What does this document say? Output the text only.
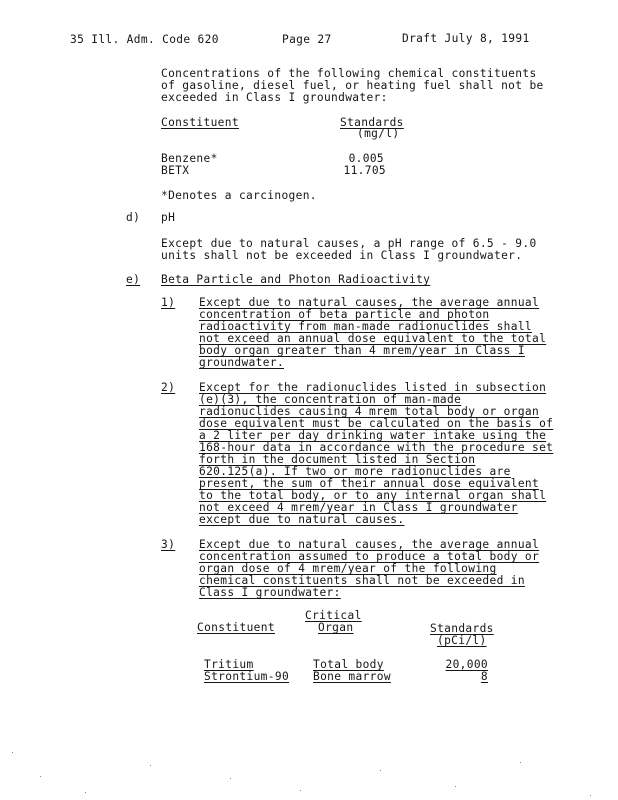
35 Ill. Adm. Code 620	Page 27	Draft July 8, 1991
Concentrations of the following chemical constituents
of gasoline, diesel fuel, or heating fuel shall not be
exceeded in Class I groundwater:
Constituent	Standards
(mg/l)
Benzene*	0.005
BETX	11.705
*Denotes a carcinogen.
d) pH
Except due to natural causes, a pH range of 6.5 - 9.0
units shall not be exceeded in Class I groundwater.
e) Beta Particle and Photon Radioactivity
1) Except due to natural causes, the average annual
concentration of beta particle and photon
radioactivity from man-made radionuclides shall
not exceed an annual dose equivalent to the total
body organ greater than 4 mrem/year in Class I
groundwater.
2) Except for the radionuclides listed in subsection
(e)(3), the concentration of man-made
radionuclides causing 4 mrem total body or organ
dose equivalent must be calculated on the basis of
a 2 liter per day drinking water intake using the
168-hour data in accordance with the procedure set
forth in the document listed in Section
620.125(a). If two or more radionuclides are
present, the sum of their annual dose equivalent
to the total body, or to any internal organ shall
not exceed 4 mrem/year in Class I groundwater
except due to natural causes.
3) Except due to natural causes, the average annual
concentration assumed to produce a total body or
organ dose of 4 mrem/year of the following
chemical constituents shall not be exceeded in
Class I groundwater:
Critical
Constituent	Organ	Standards
(pCi/l)
Tritium	Total body	20,000
Strontium-90 Bone marrow	8
